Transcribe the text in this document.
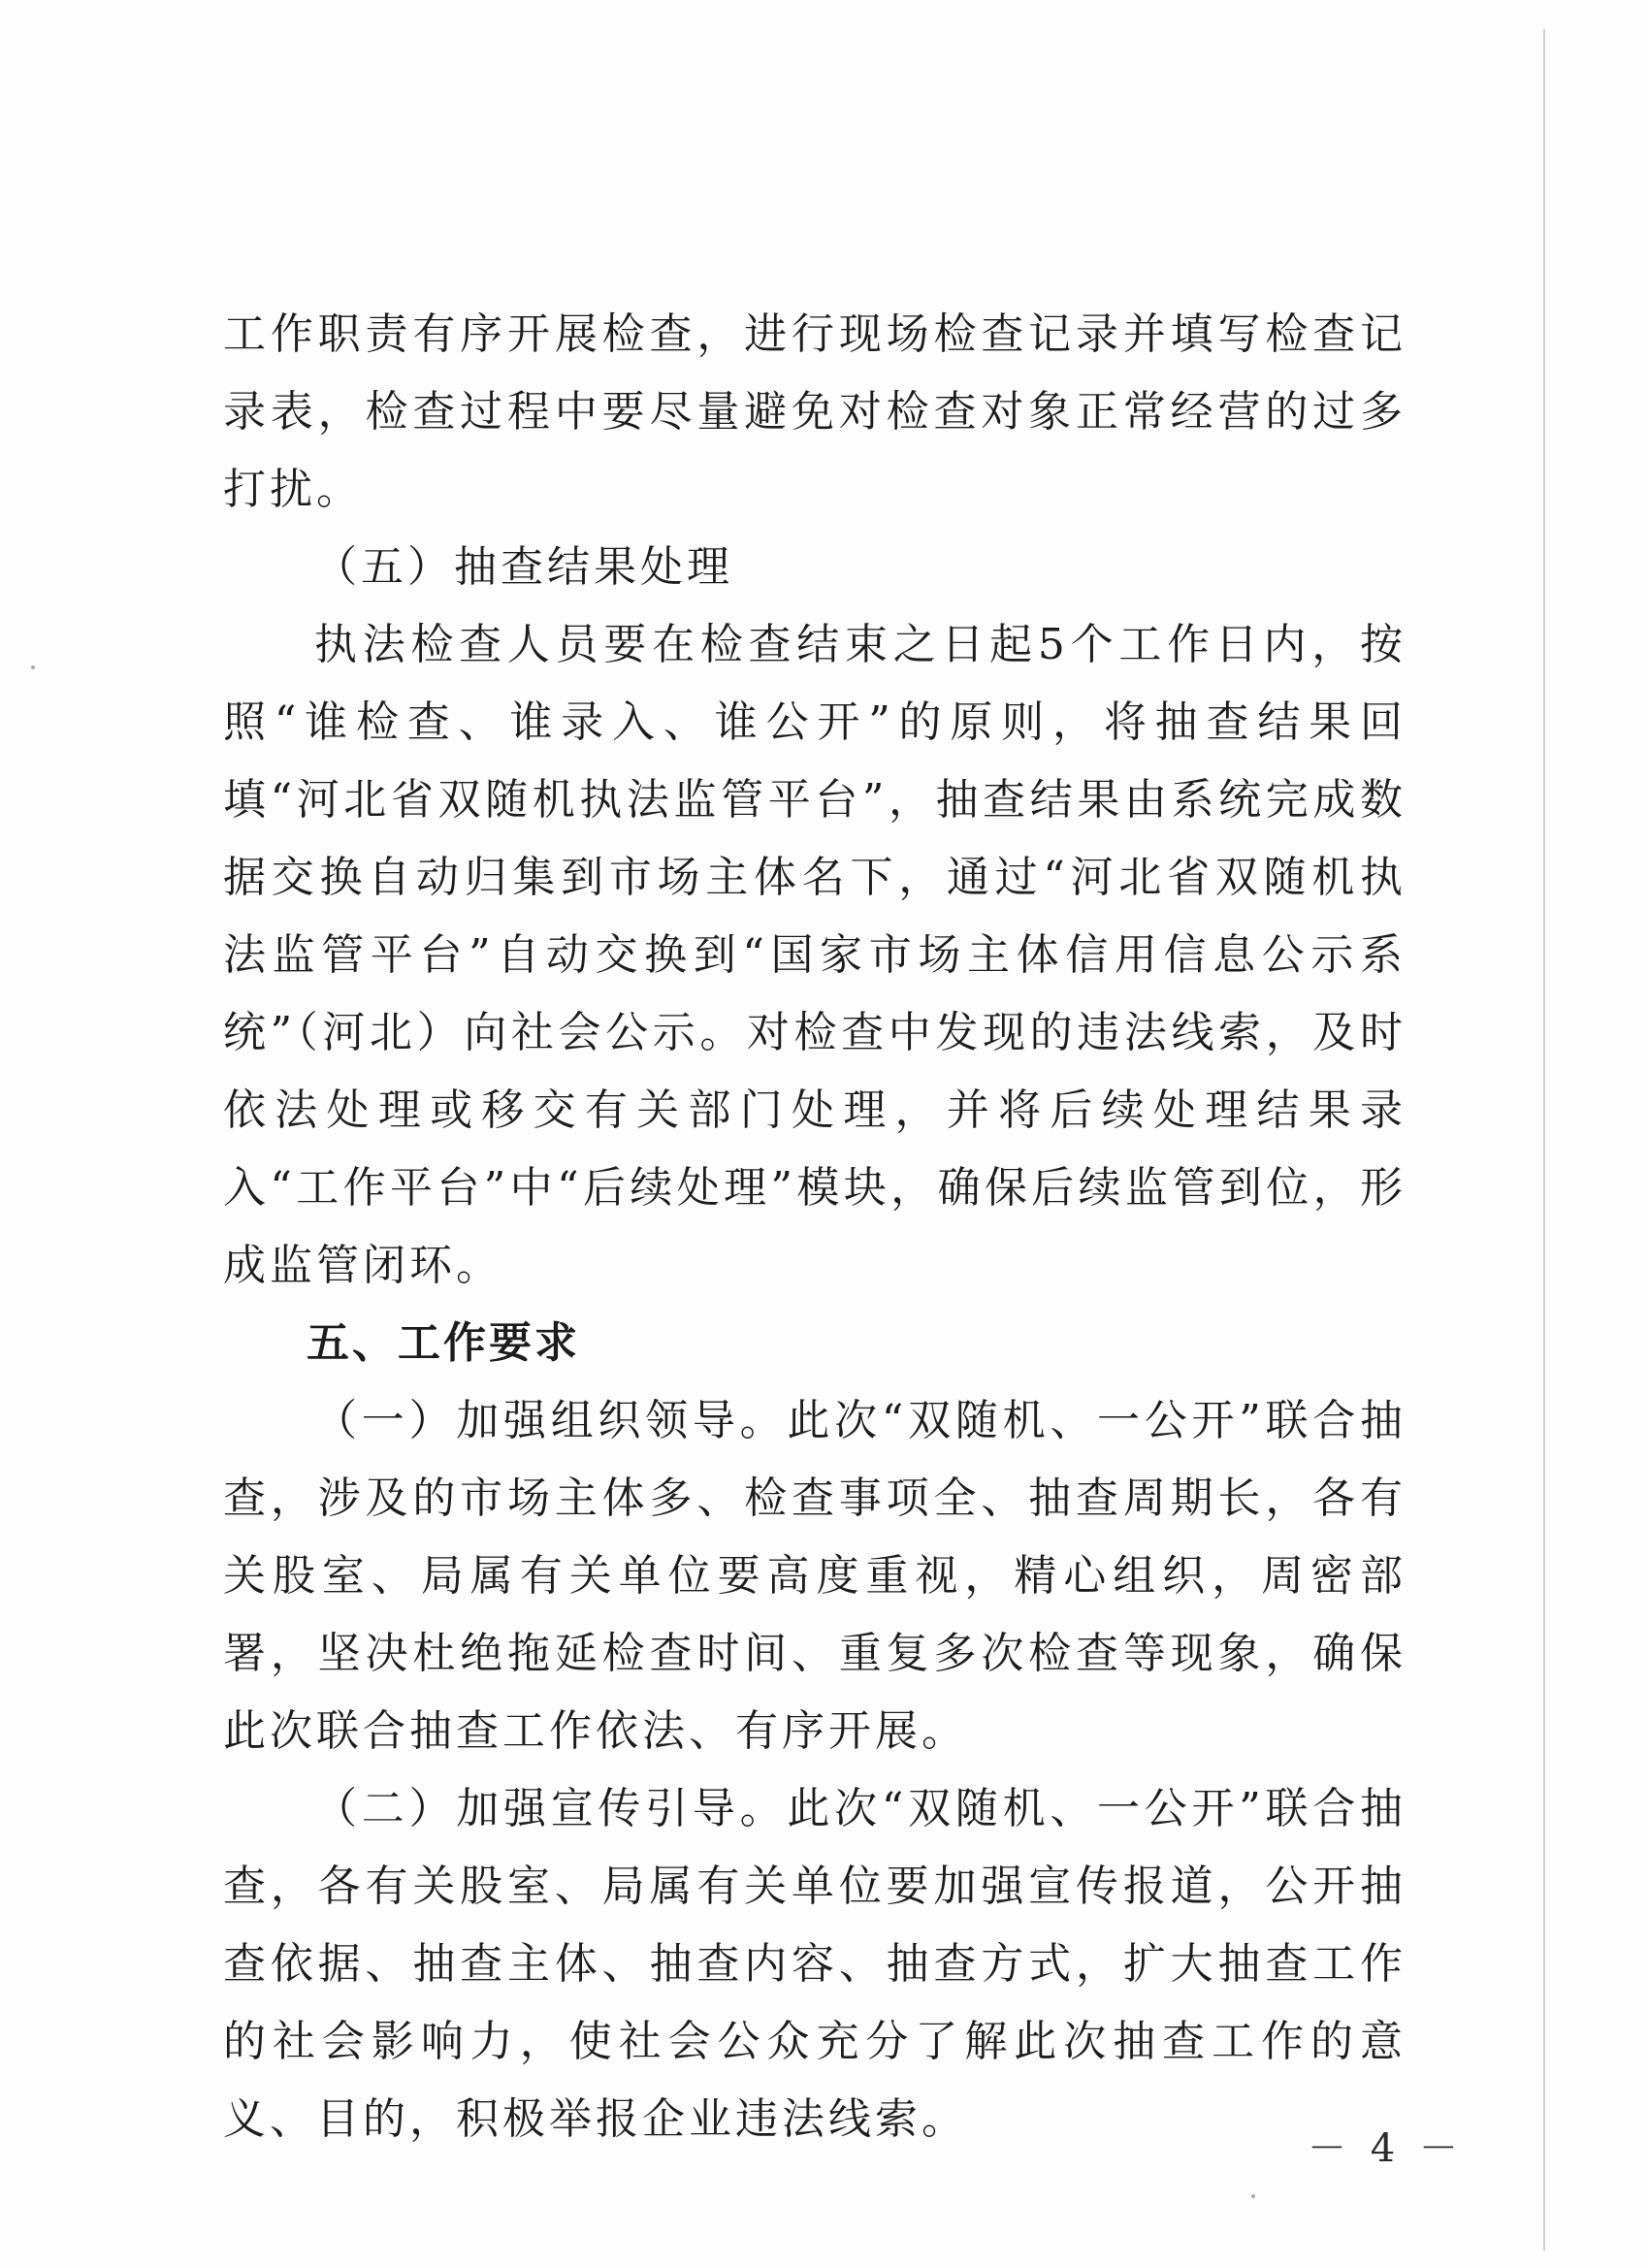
工作职责有序开展检查，进行现场检查记录并填写检查记录表，检查过程中要尽量避免对检查对象正常经营的过多打扰。

（五）抽查结果处理

执法检查人员要在检查结束之日起5个工作日内，按照“谁检查、谁录入、谁公开”的原则，将抽查结果回填“河北省双随机执法监管平台”，抽查结果由系统完成数据交换自动归集到市场主体名下，通过“河北省双随机执法监管平台”自动交换到“国家市场主体信用信息公示系统”（河北）向社会公示。对检查中发现的违法线索，及时依法处理或移交有关部门处理，并将后续处理结果录入“工作平台”中“后续处理”模块，确保后续监管到位，形成监管闭环。

五、工作要求

（一）加强组织领导。此次“双随机、一公开”联合抽查，涉及的市场主体多、检查事项全、抽查周期长，各有关股室、局属有关单位要高度重视，精心组织，周密部署，坚决杜绝拖延检查时间、重复多次检查等现象，确保此次联合抽查工作依法、有序开展。

（二）加强宣传引导。此次“双随机、一公开”联合抽查，各有关股室、局属有关单位要加强宣传报道，公开抽查依据、抽查主体、抽查内容、抽查方式，扩大抽查工作的社会影响力，使社会公众充分了解此次抽查工作的意义、目的，积极举报企业违法线索。

－ 4 －
